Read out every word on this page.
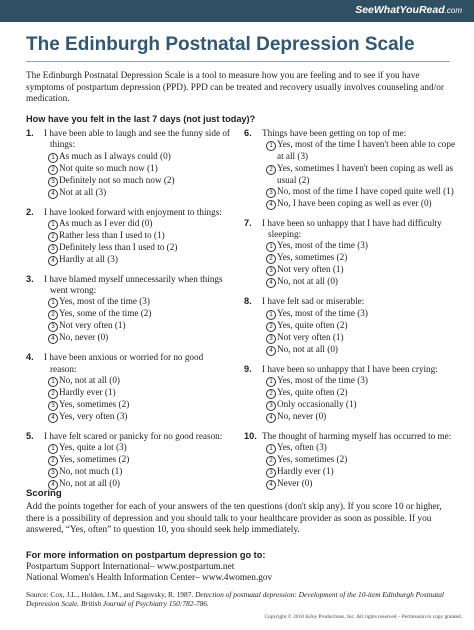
SeeWhatYouRead.com
The Edinburgh Postnatal Depression Scale
The Edinburgh Postnatal Depression Scale is a tool to measure how you are feeling and to see if you have symptoms of postpartum depression (PPD). PPD can be treated and recovery usually involves counseling and/or medication.
How have you felt in the last 7 days (not just today)?
1. I have been able to laugh and see the funny side of things:
1 As much as I always could (0)
2 Not quite so much now (1)
3 Definitely not so much now (2)
4 Not at all (3)
2. I have looked forward with enjoyment to things:
1 As much as I ever did (0)
2 Rather less than I used to (1)
3 Definitely less than I used to (2)
4 Hardly at all (3)
3. I have blamed myself unnecessarily when things went wrong:
1 Yes, most of the time (3)
2 Yes, some of the time (2)
3 Not very often (1)
4 No, never (0)
4. I have been anxious or worried for no good reason:
1 No, not at all (0)
2 Hardly ever (1)
3 Yes, sometimes (2)
4 Yes, very often (3)
5. I have felt scared or panicky for no good reason:
1 Yes, quite a lot (3)
2 Yes, sometimes (2)
3 No, not much (1)
4 No, not at all (0)
6. Things have been getting on top of me:
1 Yes, most of the time I haven't been able to cope at all (3)
2 Yes, sometimes I haven't been coping as well as usual (2)
3 No, most of the time I have coped quite well (1)
4 No, I have been coping as well as ever (0)
7. I have been so unhappy that I have had difficulty sleeping:
1 Yes, most of the time (3)
2 Yes, sometimes (2)
3 Not very often (1)
4 No, not at all (0)
8. I have felt sad or miserable:
1 Yes, most of the time (3)
2 Yes, quite often (2)
3 Not very often (1)
4 No, not at all (0)
9. I have been so unhappy that I have been crying:
1 Yes, most of the time (3)
2 Yes, quite often (2)
3 Only occasionally (1)
4 No, never (0)
10. The thought of harming myself has occurred to me:
1 Yes, often (3)
2 Yes, sometimes (2)
3 Hardly ever (1)
4 Never (0)
Scoring
Add the points together for each of your answers of the ten questions (don't skip any). If you score 10 or higher, there is a possibility of depression and you should talk to your healthcare provider as soon as possible. If you answered, “Yes, often” to question 10, you should seek help immediately.
For more information on postpartum depression go to:
Postpartum Support International– www.postpartum.net
National Women's Health Information Center– www.4women.gov
Source: Cox, J.L., Holden, J.M., and Sagovsky, R. 1987. Detection of postnatal depression: Development of the 10-item Edinburgh Postnatal Depression Scale. British Journal of Psychiatry 150:782-786.
Copyright © 2010 InJoy Productions, Inc. All rights reserved – Permission to copy granted.
